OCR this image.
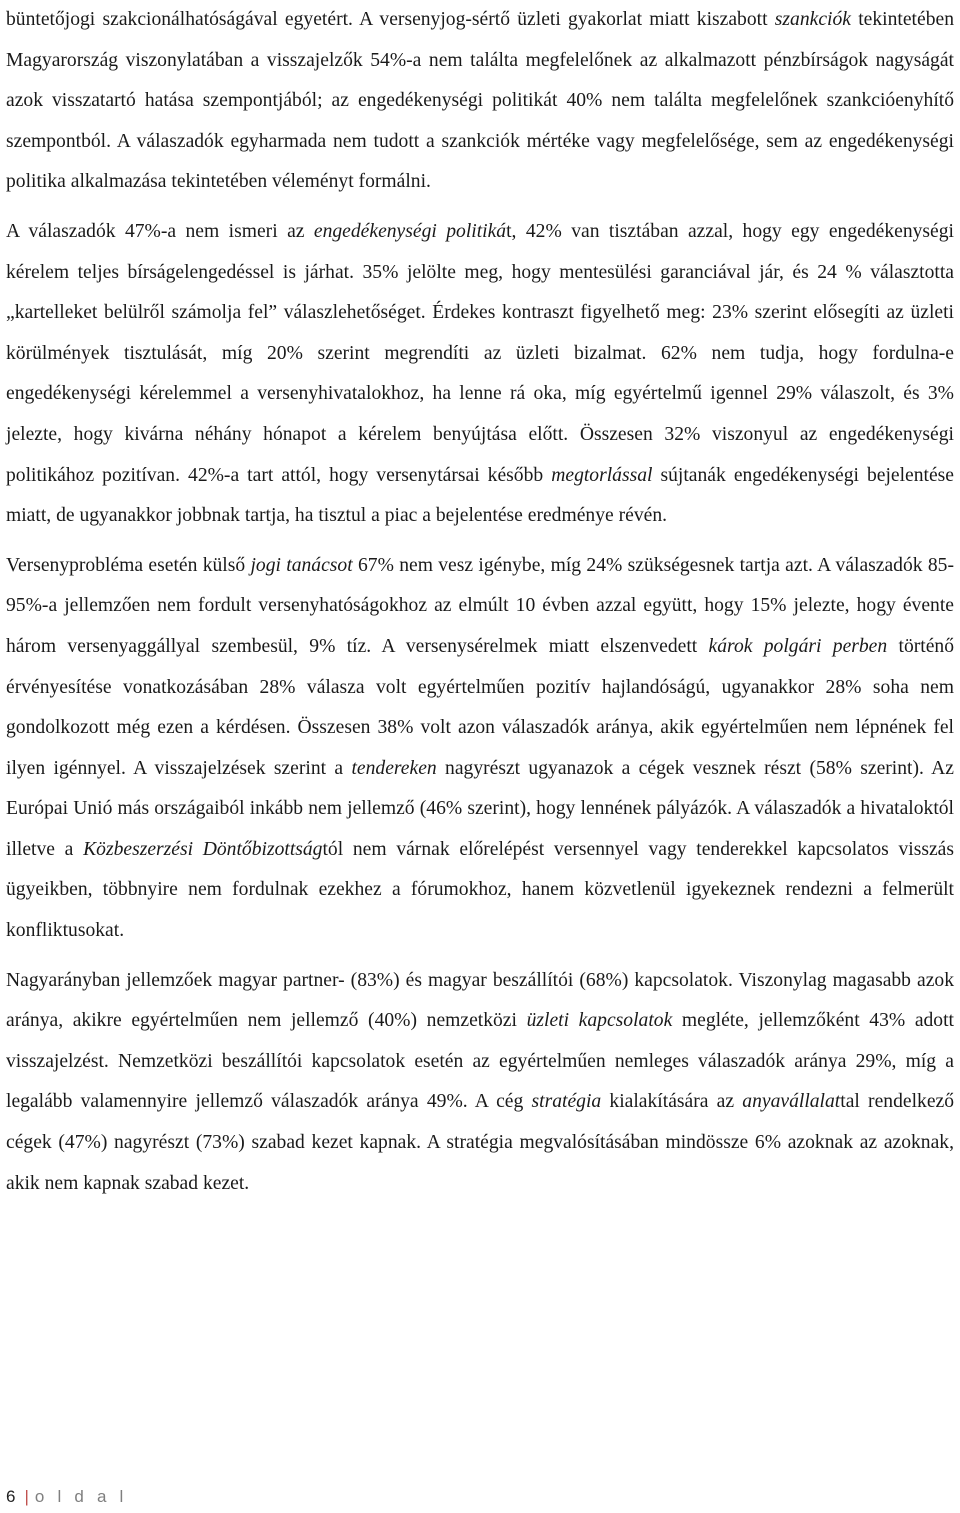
büntetőjogi szakcionálhatóságával egyetért. A versenyjog-sértő üzleti gyakorlat miatt kiszabott szankciók tekintetében Magyarország viszonylatában a visszajelzők 54%-a nem találta megfelelőnek az alkalmazott pénzbírságok nagyságát azok visszatartó hatása szempontjából; az engedékenységi politikát 40% nem találta megfelelőnek szankcióenyhítő szempontból. A válaszadók egyharmada nem tudott a szankciók mértéke vagy megfelelősége, sem az engedékenységi politika alkalmazása tekintetében véleményt formálni.

A válaszadók 47%-a nem ismeri az engedékenységi politikát, 42% van tisztában azzal, hogy egy engedékenységi kérelem teljes bírságelengedéssel is járhat. 35% jelölte meg, hogy mentesülési garanciával jár, és 24 % választotta „kartelleket belülről számolja fel” válaszlehetőséget. Érdekes kontraszt figyelhető meg: 23% szerint elősegíti az üzleti körülmények tisztulását, míg 20% szerint megrendíti az üzleti bizalmat. 62% nem tudja, hogy fordulna-e engedékenységi kérelemmel a versenyhivatalokhoz, ha lenne rá oka, míg egyértelmű igennel 29% válaszolt, és 3% jelezte, hogy kivárna néhány hónapot a kérelem benyújtása előtt. Összesen 32% viszonyul az engedékenységi politikához pozitívan. 42%-a tart attól, hogy versenytársai később megtorlással sújtanák engedékenységi bejelentése miatt, de ugyanakkor jobbnak tartja, ha tisztul a piac a bejelentése eredménye révén.

Versenyprobléma esetén külső jogi tanácsot 67% nem vesz igénybe, míg 24% szükségesnek tartja azt. A válaszadók 85-95%-a jellemzően nem fordult versenyhatóságokhoz az elmúlt 10 évben azzal együtt, hogy 15% jelezte, hogy évente három versenyaggállyal szembesül, 9% tíz. A versenysérelmek miatt elszenvedett károk polgári perben történő érvényesítése vonatkozásában 28% válasza volt egyértelműen pozitív hajlandóságú, ugyanakkor 28% soha nem gondolkozott még ezen a kérdésen. Összesen 38% volt azon válaszadók aránya, akik egyértelműen nem lépnének fel ilyen igénnyel. A visszajelzések szerint a tendereken nagyrészt ugyanazok a cégek vesznek részt (58% szerint). Az Európai Unió más országaiból inkább nem jellemző (46% szerint), hogy lennének pályázók. A válaszadók a hivataloktól illetve a Közbeszerzési Döntőbizottságtól nem várnak előrelépést versennyel vagy tenderekkel kapcsolatos visszás ügyeikben, többnyire nem fordulnak ezekhez a fórumokhoz, hanem közvetlenül igyekeznek rendezni a felmerült konfliktusokat.

Nagyarányban jellemzőek magyar partner- (83%) és magyar beszállítói (68%) kapcsolatok. Viszonylag magasabb azok aránya, akikre egyértelműen nem jellemző (40%) nemzetközi üzleti kapcsolatok megléte, jellemzőként 43% adott visszajelzést. Nemzetközi beszállítói kapcsolatok esetén az egyértelműen nemleges válaszadók aránya 29%, míg a legalább valamennyire jellemző válaszadók aránya 49%. A cég stratégia kialakítására az anyavállalattal rendelkező cégek (47%) nagyrészt (73%) szabad kezet kapnak. A stratégia megvalósításában mindössze 6% azoknak az azoknak, akik nem kapnak szabad kezet.

6 | o l d a l
